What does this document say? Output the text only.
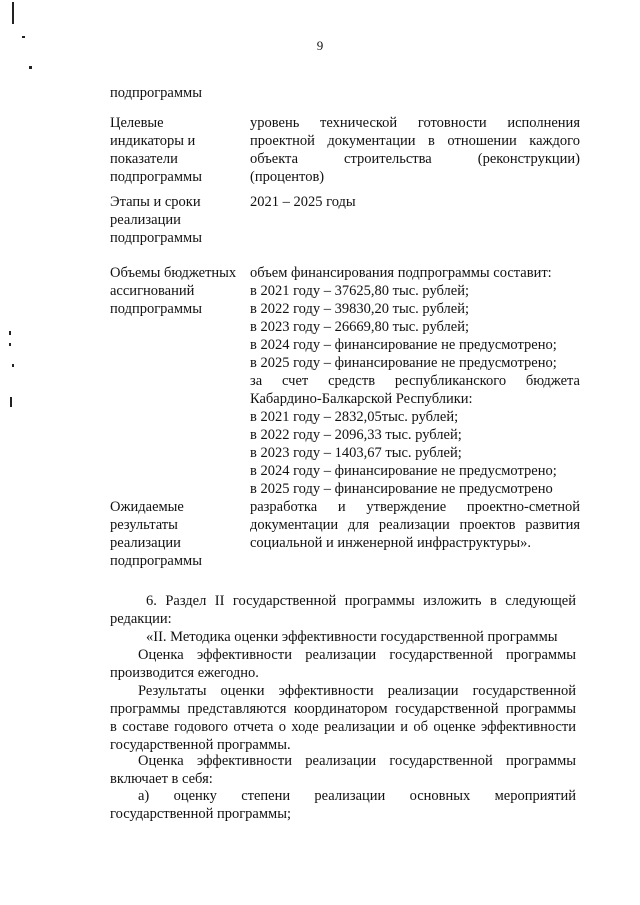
9
подпрограммы
Целевые
индикаторы и
показатели
подпрограммы
уровень технической готовности исполнения
проектной документации в отношении каждого
объекта строительства (реконструкции)
(процентов)
Этапы и сроки
реализации
подпрограммы
2021 – 2025 годы
Объемы бюджетных
ассигнований
подпрограммы
объем финансирования подпрограммы составит:
в 2021 году – 37625,80 тыс. рублей;
в 2022 году – 39830,20 тыс. рублей;
в 2023 году – 26669,80 тыс. рублей;
в 2024 году – финансирование не предусмотрено;
в 2025 году – финансирование не предусмотрено;
за счет средств республиканского бюджета
Кабардино-Балкарской Республики:
в 2021 году – 2832,05тыс. рублей;
в 2022 году – 2096,33 тыс. рублей;
в 2023 году – 1403,67 тыс. рублей;
в 2024 году – финансирование не предусмотрено;
в 2025 году – финансирование не предусмотрено
Ожидаемые
результаты
реализации
подпрограммы
разработка и утверждение проектно-сметной
документации для реализации проектов развития
социальной и инженерной инфраструктуры».
6. Раздел II государственной программы изложить в следующей
редакции:
«II. Методика оценки эффективности государственной программы
Оценка эффективности реализации государственной программы
производится ежегодно.
Результаты оценки эффективности реализации государственной
программы представляются координатором государственной программы
в составе годового отчета о ходе реализации и об оценке эффективности
государственной программы.
Оценка эффективности реализации государственной программы
включает в себя:
а) оценку степени реализации основных мероприятий
государственной программы;
